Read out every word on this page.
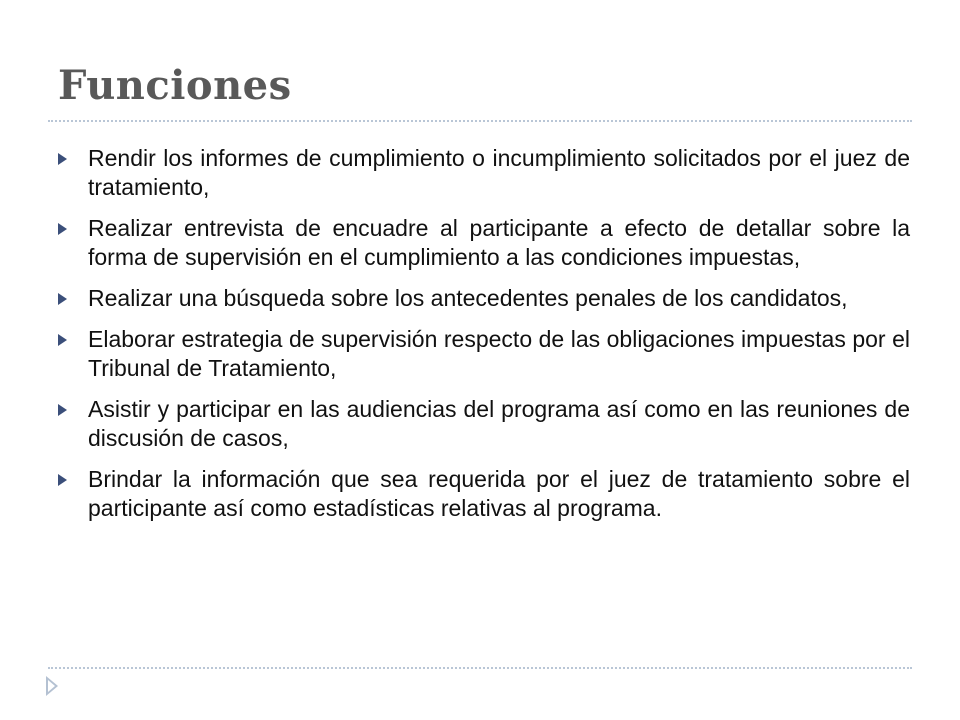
Funciones
Rendir los informes de cumplimiento o incumplimiento solicitados por el juez de tratamiento,
Realizar entrevista de encuadre al participante a efecto de detallar sobre la forma de supervisión en el cumplimiento a las condiciones impuestas,
Realizar una búsqueda sobre los antecedentes penales de los candidatos,
Elaborar estrategia de supervisión respecto de las obligaciones impuestas por el Tribunal de Tratamiento,
Asistir y participar en las audiencias del programa así como en las reuniones de discusión de casos,
Brindar la información que sea requerida por el juez de tratamiento sobre el participante así como estadísticas relativas al programa.
